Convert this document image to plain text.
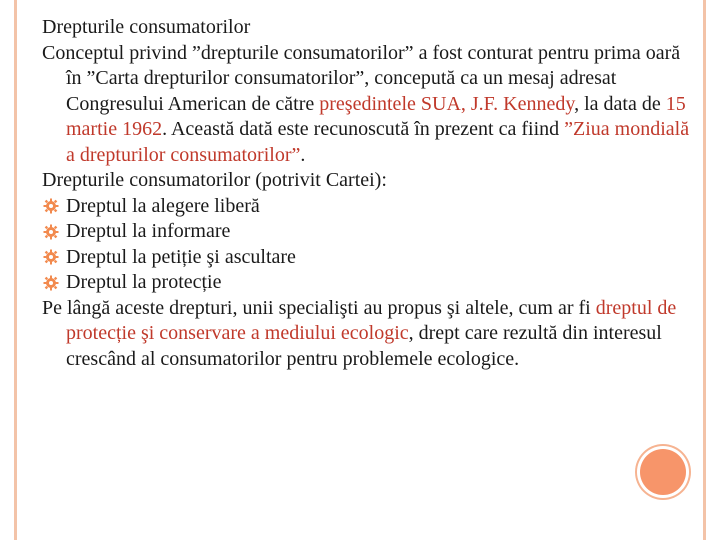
Drepturile consumatorilor

Conceptul privind ”drepturile consumatorilor” a fost conturat pentru prima oară în ”Carta drepturilor consumatorilor”, concepută ca un mesaj adresat Congresului American de către preşedintele SUA, J.F. Kennedy, la data de 15 martie 1962. Această dată este recunoscută în prezent ca fiind ”Ziua mondială a drepturilor consumatorilor”.

Drepturile consumatorilor (potrivit Cartei):

Dreptul la alegere liberă
Dreptul la informare
Dreptul la petiție şi ascultare
Dreptul la protecție

Pe lângă aceste drepturi, unii specialişti au propus şi altele, cum ar fi dreptul de protecție şi conservare a mediului ecologic, drept care rezultă din interesul crescând al consumatorilor pentru problemele ecologice.
